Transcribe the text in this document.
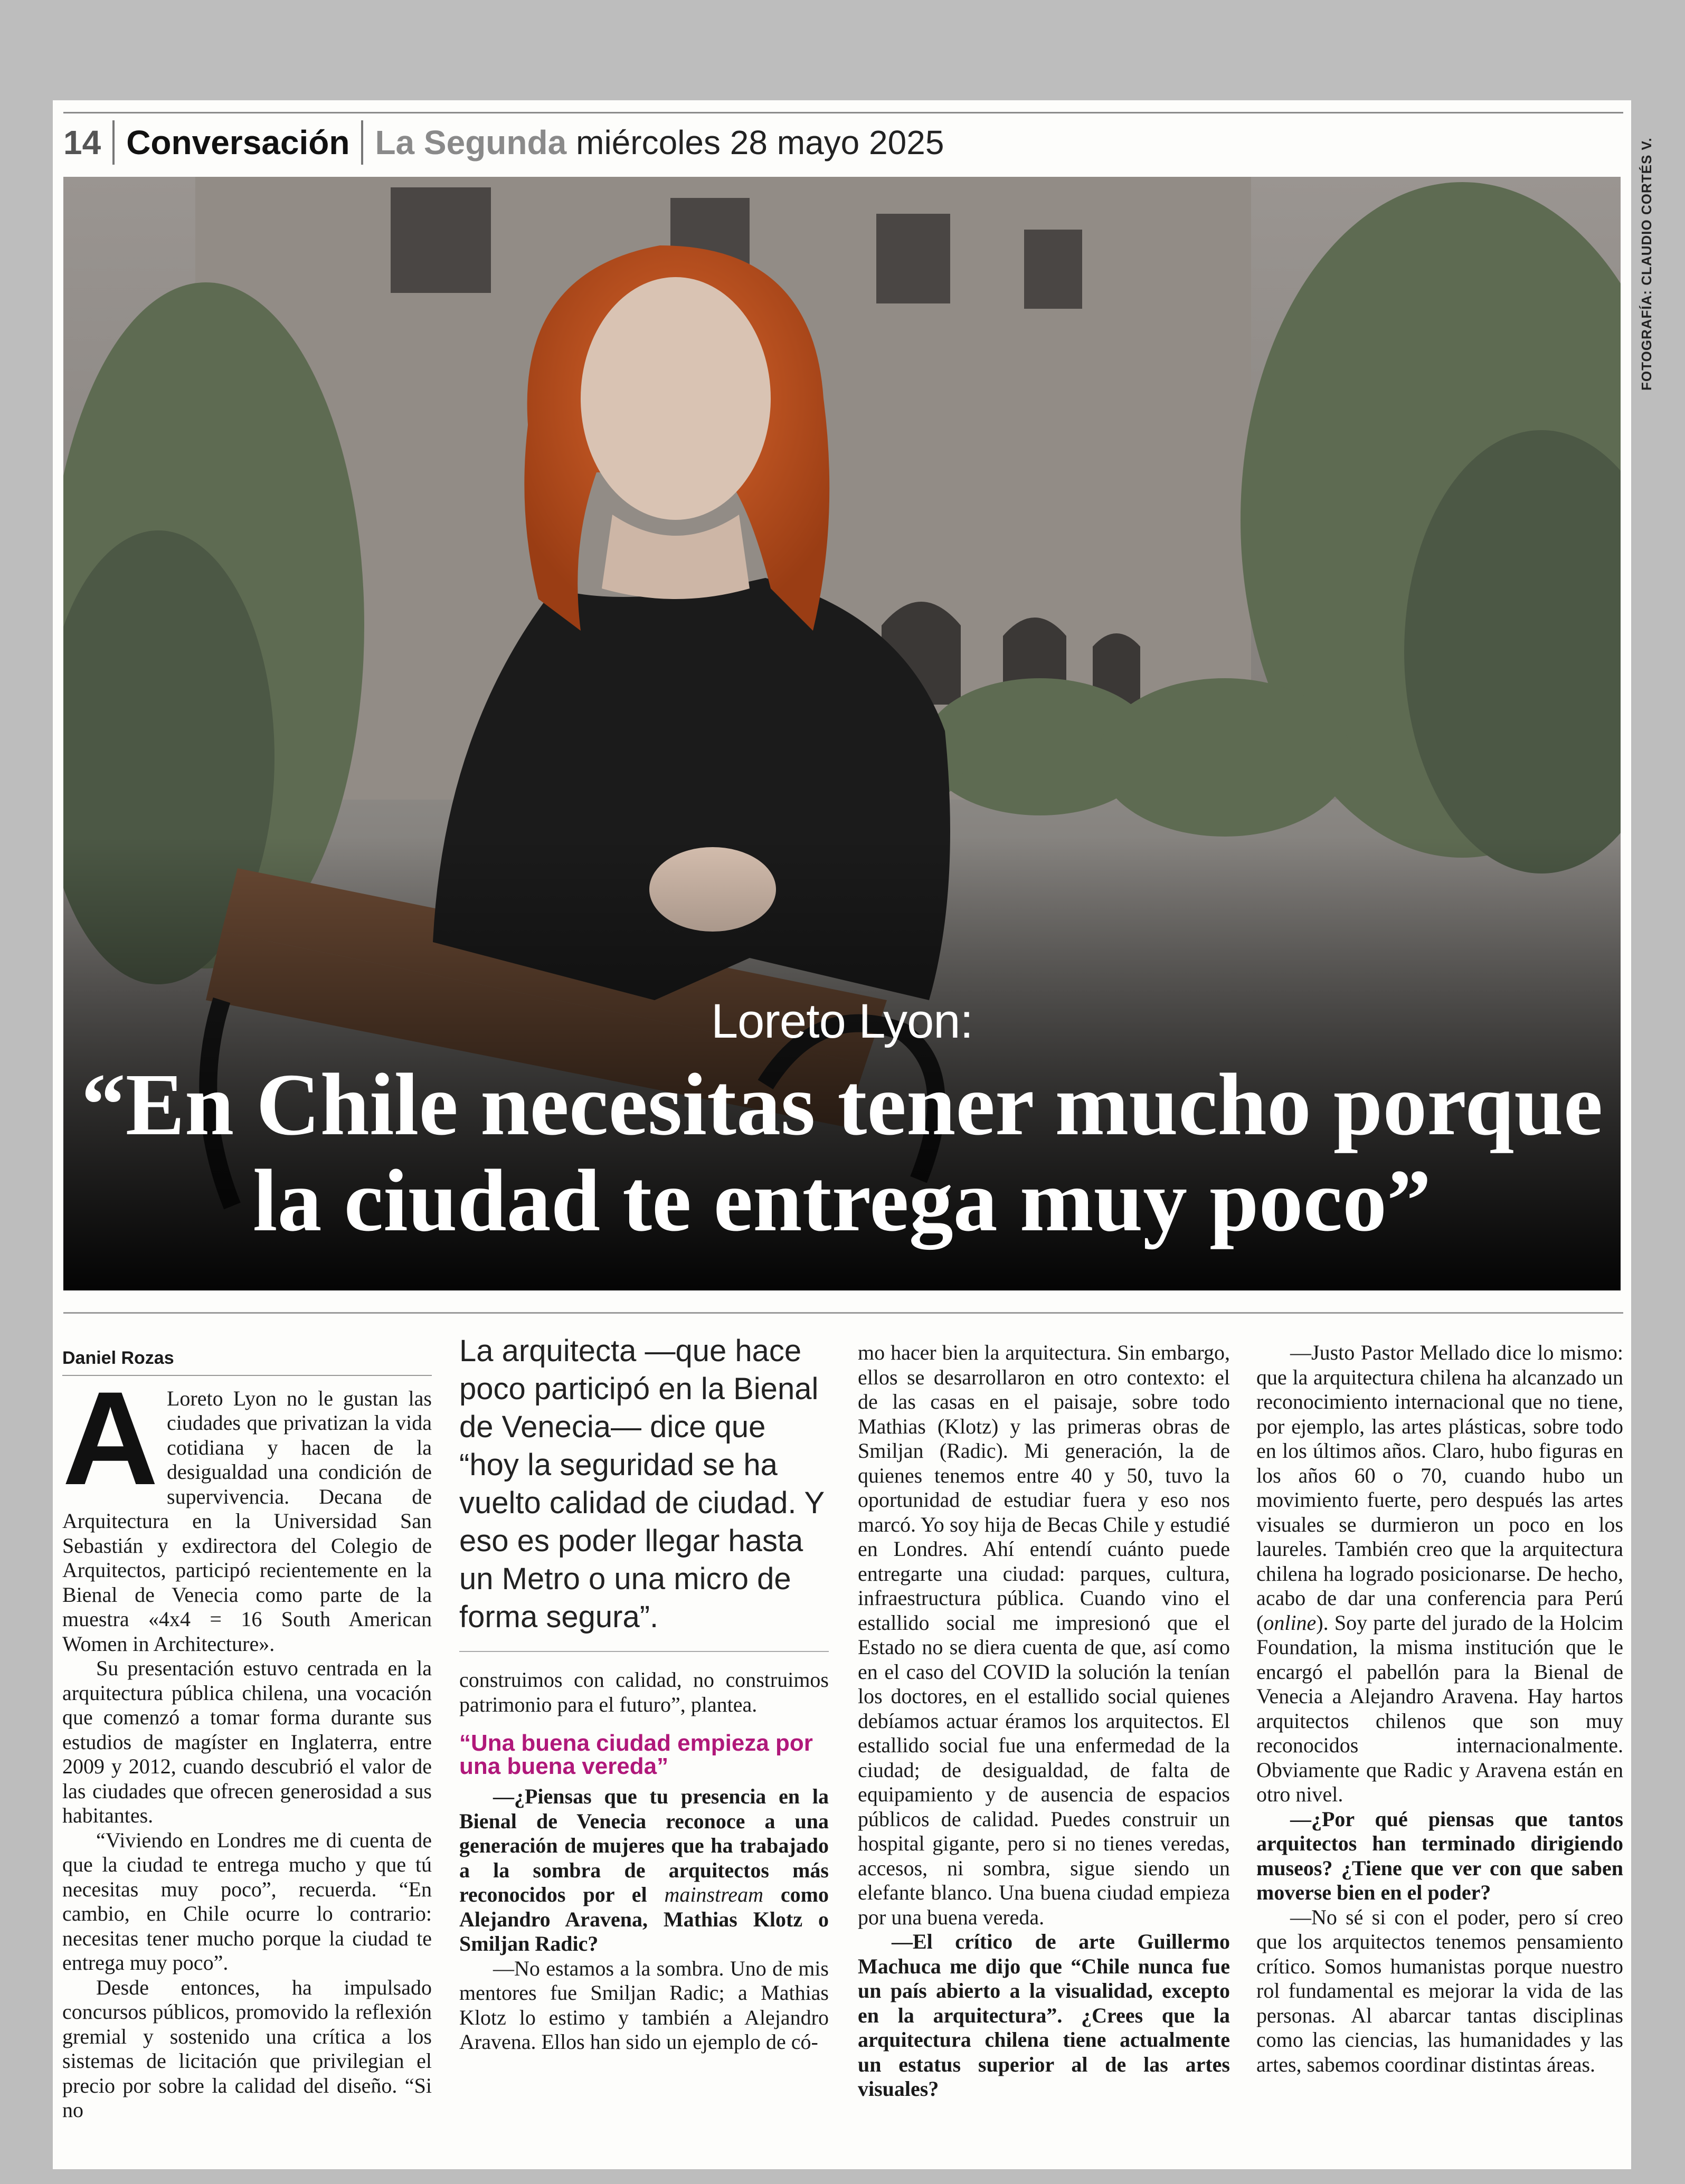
14 Conversación La Segunda miércoles 28 mayo 2025	FOTOGRAFÍA: CLAUDIO CORTÉS V.
Loreto Lyon:
“En Chile necesitas tener mucho porque la ciudad te entrega muy poco”
Daniel Rozas

A Loreto Lyon no le gustan las ciudades que privatizan la vida cotidiana y hacen de la desigualdad una condición de supervivencia. Decana de Arquitectura en la Universidad San Sebastián y exdirectora del Colegio de Arquitectos, participó recientemente en la Bienal de Venecia como parte de la muestra «4x4 = 16 South American Women in Architecture».

Su presentación estuvo centrada en la arquitectura pública chilena, una vocación que comenzó a tomar forma durante sus estudios de magíster en Inglaterra, entre 2009 y 2012, cuando descubrió el valor de las ciudades que ofrecen generosidad a sus habitantes.

“Viviendo en Londres me di cuenta de que la ciudad te entrega mucho y que tú necesitas muy poco”, recuerda. “En cambio, en Chile ocurre lo contrario: necesitas tener mucho porque la ciudad te entrega muy poco”.

Desde entonces, ha impulsado concursos públicos, promovido la reflexión gremial y sostenido una crítica a los sistemas de licitación que privilegian el precio por sobre la calidad del diseño. “Si no

La arquitecta —que hace poco participó en la Bienal de Venecia— dice que “hoy la seguridad se ha vuelto calidad de ciudad. Y eso es poder llegar hasta un Metro o una micro de forma segura”.

construimos con calidad, no construimos patrimonio para el futuro”, plantea.

“Una buena ciudad empieza por una buena vereda”

—¿Piensas que tu presencia en la Bienal de Venecia reconoce a una generación de mujeres que ha trabajado a la sombra de arquitectos más reconocidos por el mainstream como Alejandro Aravena, Mathias Klotz o Smiljan Radic?

—No estamos a la sombra. Uno de mis mentores fue Smiljan Radic; a Mathias Klotz lo estimo y también a Alejandro Aravena. Ellos han sido un ejemplo de có-

mo hacer bien la arquitectura. Sin embargo, ellos se desarrollaron en otro contexto: el de las casas en el paisaje, sobre todo Mathias (Klotz) y las primeras obras de Smiljan (Radic). Mi generación, la de quienes tenemos entre 40 y 50, tuvo la oportunidad de estudiar fuera y eso nos marcó. Yo soy hija de Becas Chile y estudié en Londres. Ahí entendí cuánto puede entregarte una ciudad: parques, cultura, infraestructura pública. Cuando vino el estallido social me impresionó que el Estado no se diera cuenta de que, así como en el caso del COVID la solución la tenían los doctores, en el estallido social quienes debíamos actuar éramos los arquitectos. El estallido social fue una enfermedad de la ciudad; de desigualdad, de falta de equipamiento y de ausencia de espacios públicos de calidad. Puedes construir un hospital gigante, pero si no tienes veredas, accesos, ni sombra, sigue siendo un elefante blanco. Una buena ciudad empieza por una buena vereda.

—El crítico de arte Guillermo Machuca me dijo que “Chile nunca fue un país abierto a la visualidad, excepto en la arquitectura”. ¿Crees que la arquitectura chilena tiene actualmente un estatus superior al de las artes visuales?

—Justo Pastor Mellado dice lo mismo: que la arquitectura chilena ha alcanzado un reconocimiento internacional que no tiene, por ejemplo, las artes plásticas, sobre todo en los últimos años. Claro, hubo figuras en los años 60 o 70, cuando hubo un movimiento fuerte, pero después las artes visuales se durmieron un poco en los laureles. También creo que la arquitectura chilena ha logrado posicionarse. De hecho, acabo de dar una conferencia para Perú (online). Soy parte del jurado de la Holcim Foundation, la misma institución que le encargó el pabellón para la Bienal de Venecia a Alejandro Aravena. Hay hartos arquitectos chilenos que son muy reconocidos internacionalmente. Obviamente que Radic y Aravena están en otro nivel.

—¿Por qué piensas que tantos arquitectos han terminado dirigiendo museos? ¿Tiene que ver con que saben moverse bien en el poder?

—No sé si con el poder, pero sí creo que los arquitectos tenemos pensamiento crítico. Somos humanistas porque nuestro rol fundamental es mejorar la vida de las personas. Al abarcar tantas disciplinas como las ciencias, las humanidades y las artes, sabemos coordinar distintas áreas.
